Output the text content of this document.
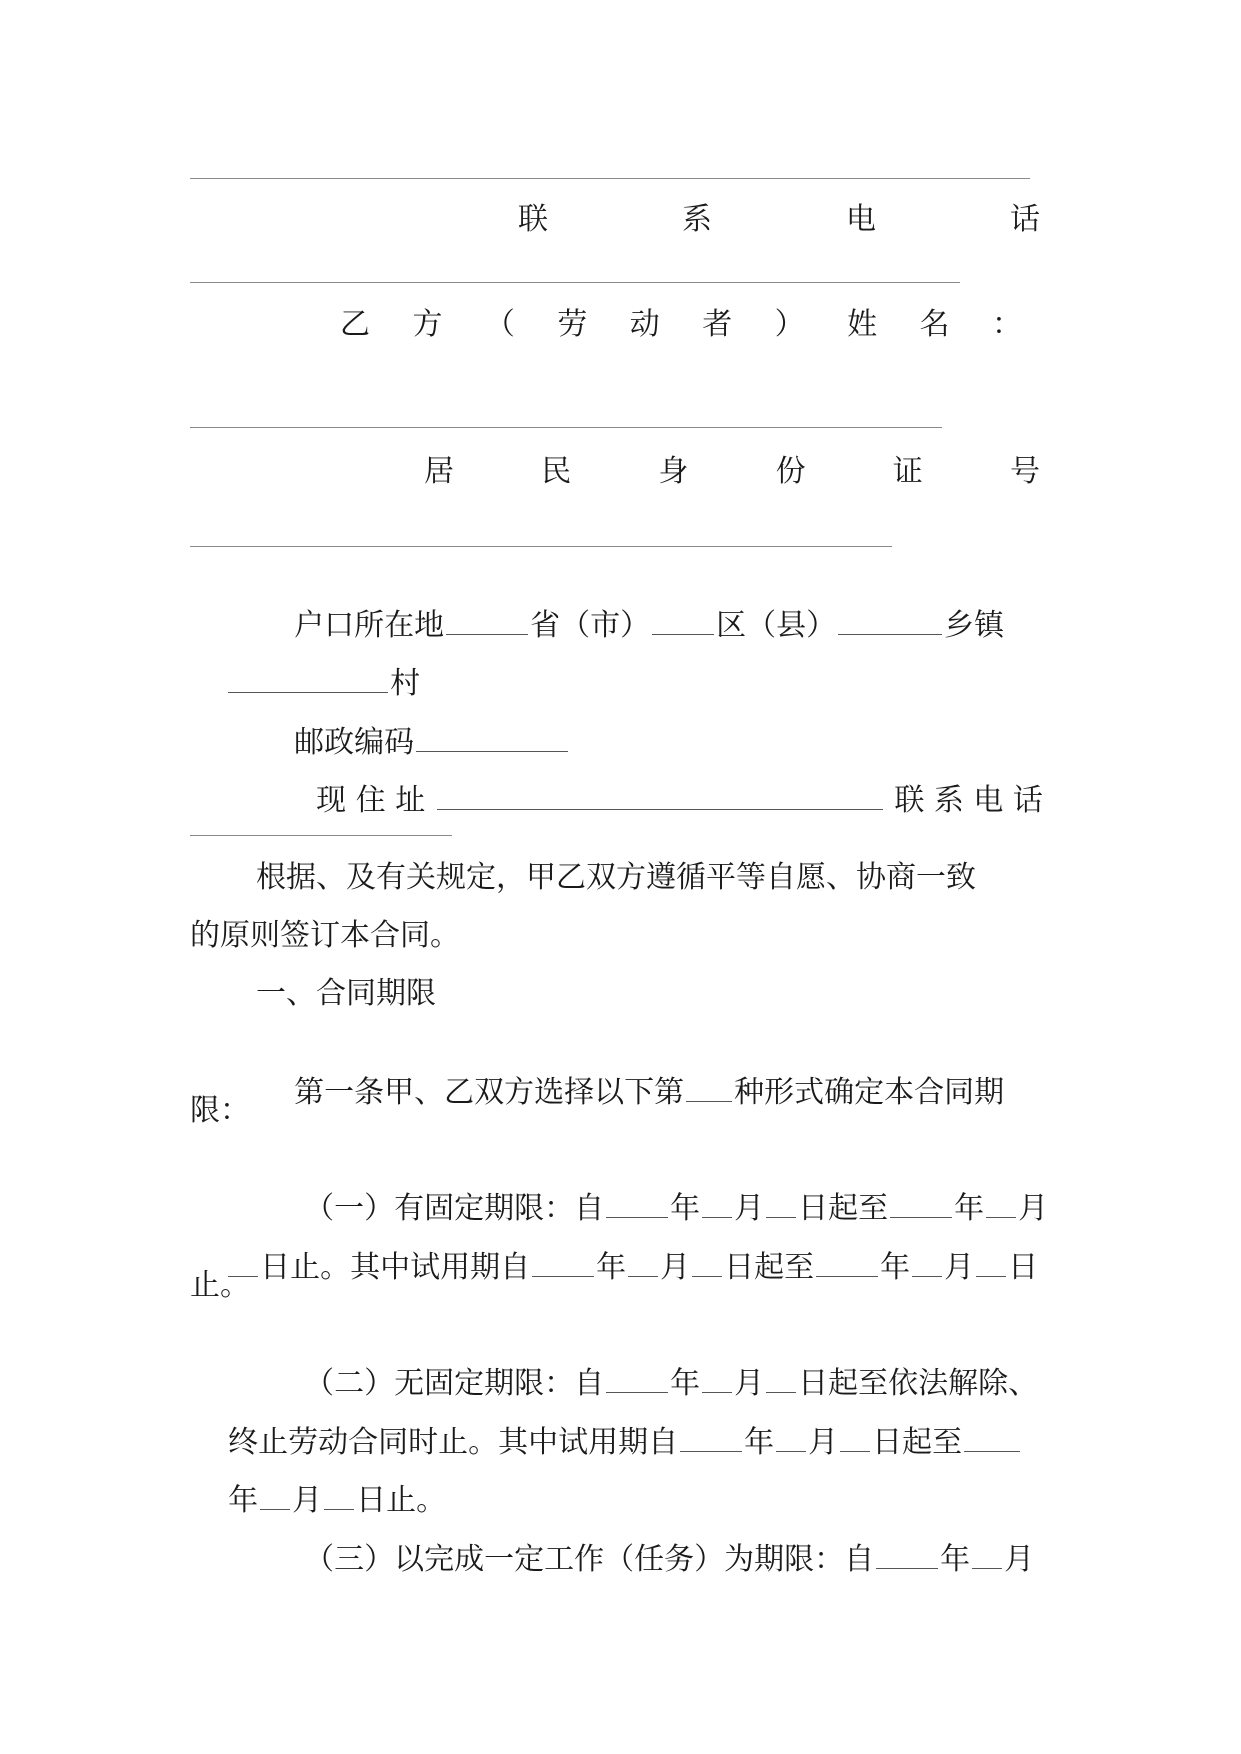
联	系	电	话
乙 方 （ 劳 动 者 ） 姓 名 ：
居	民	身	份	证	号

户口所在地	省（市） 区（县）	乡镇

村

邮政编码

现 住 址	联 系 电 话

根据、及有关规定，甲乙双方遵循平等自愿、协商一致
的原则签订本合同。
一、合同期限

第一条甲、乙双方选择以下第 种形式确定本合同期

限：

（一）有固定期限：自 年 月 日起至 年 月

日止。其中试用期自 年 月 日起至 年 月 日

止。

（二）无固定期限：自 年 月 日起至依法解除、

终止劳动合同时止。其中试用期自 年 月 日起至

年 月 日止。

（三）以完成一定工作（任务）为期限：自 年 月
